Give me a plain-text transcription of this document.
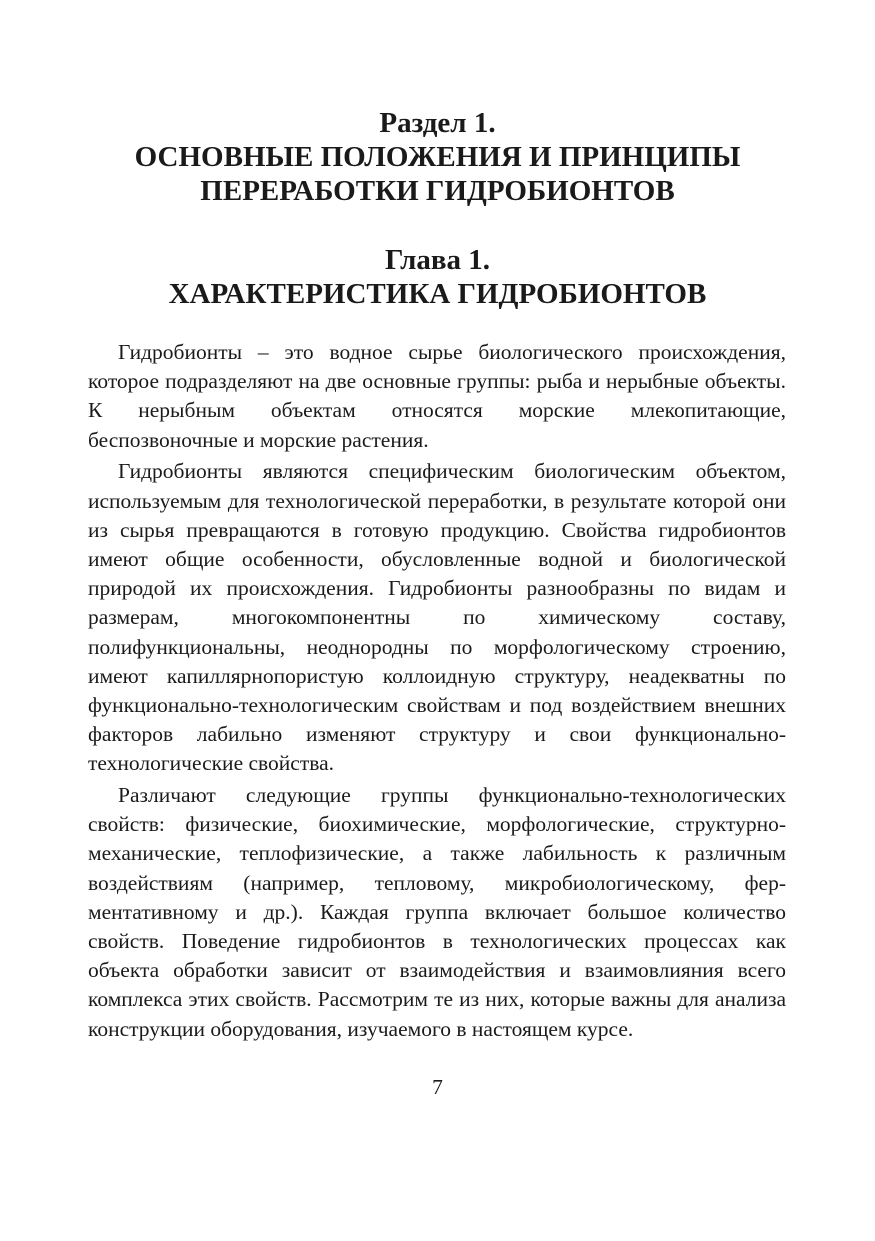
Раздел 1.
ОСНОВНЫЕ ПОЛОЖЕНИЯ И ПРИНЦИПЫ
ПЕРЕРАБОТКИ ГИДРОБИОНТОВ
Глава 1.
ХАРАКТЕРИСТИКА ГИДРОБИОНТОВ

Гидробионты – это водное сырье биологического происхождения, которое подразделяют на две основные группы: рыба и нерыбные объекты. К нерыбным объектам относятся морские млекопитающие, беспозвоночные и морские растения.

Гидробионты являются специфическим биологическим объектом, используемым для технологической переработки, в результате которой они из сырья превращаются в готовую продукцию. Свойства гидробионтов имеют общие особенности, обусловленные водной и биологической природой их происхождения. Гидробионты разнообразны по видам и размерам, многокомпонентны по химическому составу, полифункциональны, неоднородны по морфологическому строению, имеют капиллярнопористую коллоидную структуру, неадекватны по функционально-технологическим свойствам и под воздействием внешних факторов лабильно изменяют структуру и свои функционально-технологические свойства.

Различают следующие группы функционально-технологических свойств: физические, биохимические, морфологические, структурно-механические, теплофизические, а также лабильность к различным воздействиям (например, тепловому, микробиологическому, ферментативному и др.). Каждая группа включает большое количество свойств. Поведение гидробионтов в технологических процессах как объекта обработки зависит от взаимодействия и взаимовлияния всего комплекса этих свойств. Рассмотрим те из них, которые важны для анализа конструкции оборудования, изучаемого в настоящем курсе.

7
